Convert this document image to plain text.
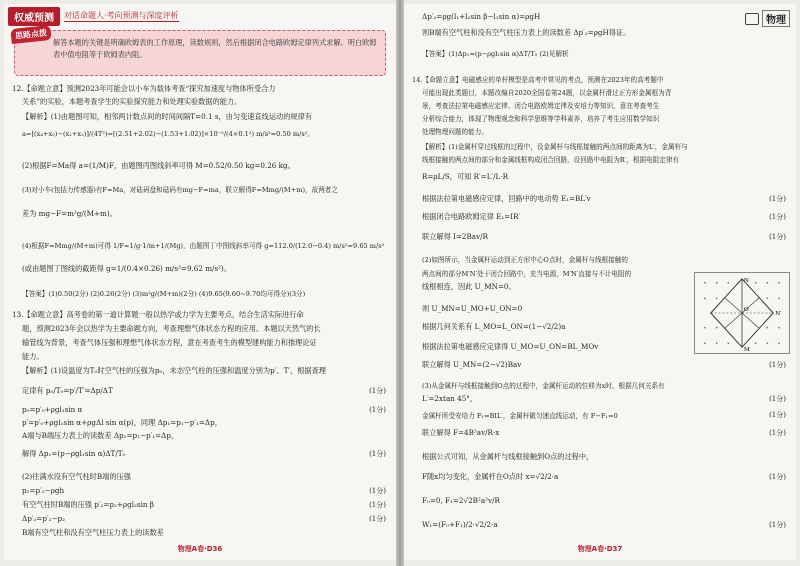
权威预测	对话命题人·考向预测与深度评析
思路点拨

解答本题的关键是明确欧姆表的工作原理，读数规则，然后根据闭合电路欧姆定律列式求解。明白欧姆表中值电阻等于欧姆表内阻。

12.【命题立意】预测2023年可能会以小车为载体考查“探究加速度与物体所受合力
关系”的实验，本题考查学生的实验探究能力和处理实验数据的能力。
【解析】(1)由题图可知，相邻两计数点间的时间间隔T=0.1 s，由匀变速直线运动的规律有
a=[(x₄+x₅)−(x₁+x₂)]/(4T²)=[(2.51+2.02)−(1.53+1.02)]×10⁻²/(4×0.1²) m/s²=0.50 m/s²。
(2)根据F=Ma得 a=(1/M)F，由题图丙图线斜率可得 M=0.52/0.50 kg=0.26 kg。
(3)对小车(包括力传感器)有F=Ma，对砝码盘和砝码有mg−F=ma，联立解得F=Mmg/(M+m)，故两者之
差为 mg−F=m²g/(M+m)。
(4)根据F=Mmg/(M+m)可得 1/F=1/g·1/m+1/(Mg)，由题图丁中图线斜率可得 g=112.0/(12.0−0.4) m/s²=9.65 m/s²
(或由题图丁图线的截距得 g=1/(0.4×0.26) m/s²=9.62 m/s²)。
【答案】(1)0.50(2分) (2)0.26(2分) (3)m²g/(M+m)(2分) (4)9.65(9.60~9.70均可得分)(3分)
13.【命题立意】高考卷的第一道计算题一般以热学或力学为主要考点，结合生活实际进行命
题，预测2023年会以热学为主要命题方向，考查理想气体状态方程的应用。本题以天然气的长
输管线为背景，考查气体压强和理想气体状态方程，意在考查考生的模型建构能力和推理论证
能力。
【解析】(1)设温度为T₀时空气柱的压强为p₀，末态空气柱的压强和温度分别为p′、T′，根据查理
定律有 p₀/T₀=p′/T′=Δp/ΔT
p₀=p′₀+ρgl₁sin α
p′=p′₀+ρgl₁sin α+ρgΔl sin α(p)，同理 Δp₁=p₁−p′₁=Δp，
A端与B端压力表上的读数差 Δp₁=p₁−p′₁=Δp，
解得 Δp₁=(p−ρgl₁sin α)ΔT/T₀
(2)往满水没有空气柱时B端的压强
p₂=p′₂−ρgh
有空气柱时B端的压强 p′₂=p₂+ρgl₂sin β
Δp′₂=p′₂−p₂
B端有空气柱和没有空气柱压力表上的读数差
(1分)
(1分)
(1分)
(1分)
(1分)
(1分)
物理A卷·D36
物理
Δp′₂=ρg(l₁+l₂sin β−l₁sin α)=ρgH
则B端有空气柱和没有空气柱压力表上的读数差 Δp′₂=ρgH得证。
【答案】(1)Δp₁=(p−ρgl₁sin α)ΔT/T₀ (2)见解析
14.【命题立意】电磁感应的单杆模型是高考中常见的考点，预测在2023年的高考题中
可能出现此类题目，本题改编自2020全国卷第24题，以金属杆滑过正方形金属框为背
景，考查法拉第电磁感应定律、闭合电路欧姆定律及安培力等知识，意在考查考生
分析综合能力，体现了物理观念和科学思维等学科素养，培养了考生应用数学知识
处理物理问题的能力。
【解析】(1)金属杆穿过线框的过程中，设金属杆与线框接触的两点间的距离为L′，金属杆与
线框接触的两点间的部分和金属线框构成闭合回路，设回路中电阻为R′，根据电阻定律有
R=ρL/S，可知 R′=L′/L·R
根据法拉第电磁感应定律，回路中的电动势 E₁=BL′v
根据闭合电路欧姆定律 E₁=IR′
联立解得 I=2Bav/R
(2)如图所示，当金属杆运动到正方形中心O点时，金属杆与线框接触的
两点间的部分M′N′处于闭合回路中，充当电源，M′N′直接与不计电阻的
线框相连，因此 U_MN=0。
则 U_MN=U_MO+U_ON=0
根据几何关系有 L_MO=L_ON=(1−√2/2)a
根据法拉第电磁感应定律得 U_MO=U_ON=BL_MOv
联立解得 U_MN=(2−√2)Bav
(3)从金属杆与线框接触到O点的过程中，金属杆运动的位移为x时，根据几何关系有
L′=2xtan 45°，
金属杆所受安培力 F₁=BIL′，金属杆做匀速直线运动，有 F−F₁=0
联立解得 F=4B²av/R·x
根据公式可知，从金属杆与线框接触到O点的过程中，
F随x均匀变化，金属杆在O点时 x=√2/2·a
F₀=0, F₁=2√2B²a²v/R
W₁=(F₀+F₁)/2·√2/2·a
(1分)
(1分)
(1分)
(1分)
(1分)
(1分)
(1分)
(1分)
(1分)
N
N′
M
O
物理A卷·D37
